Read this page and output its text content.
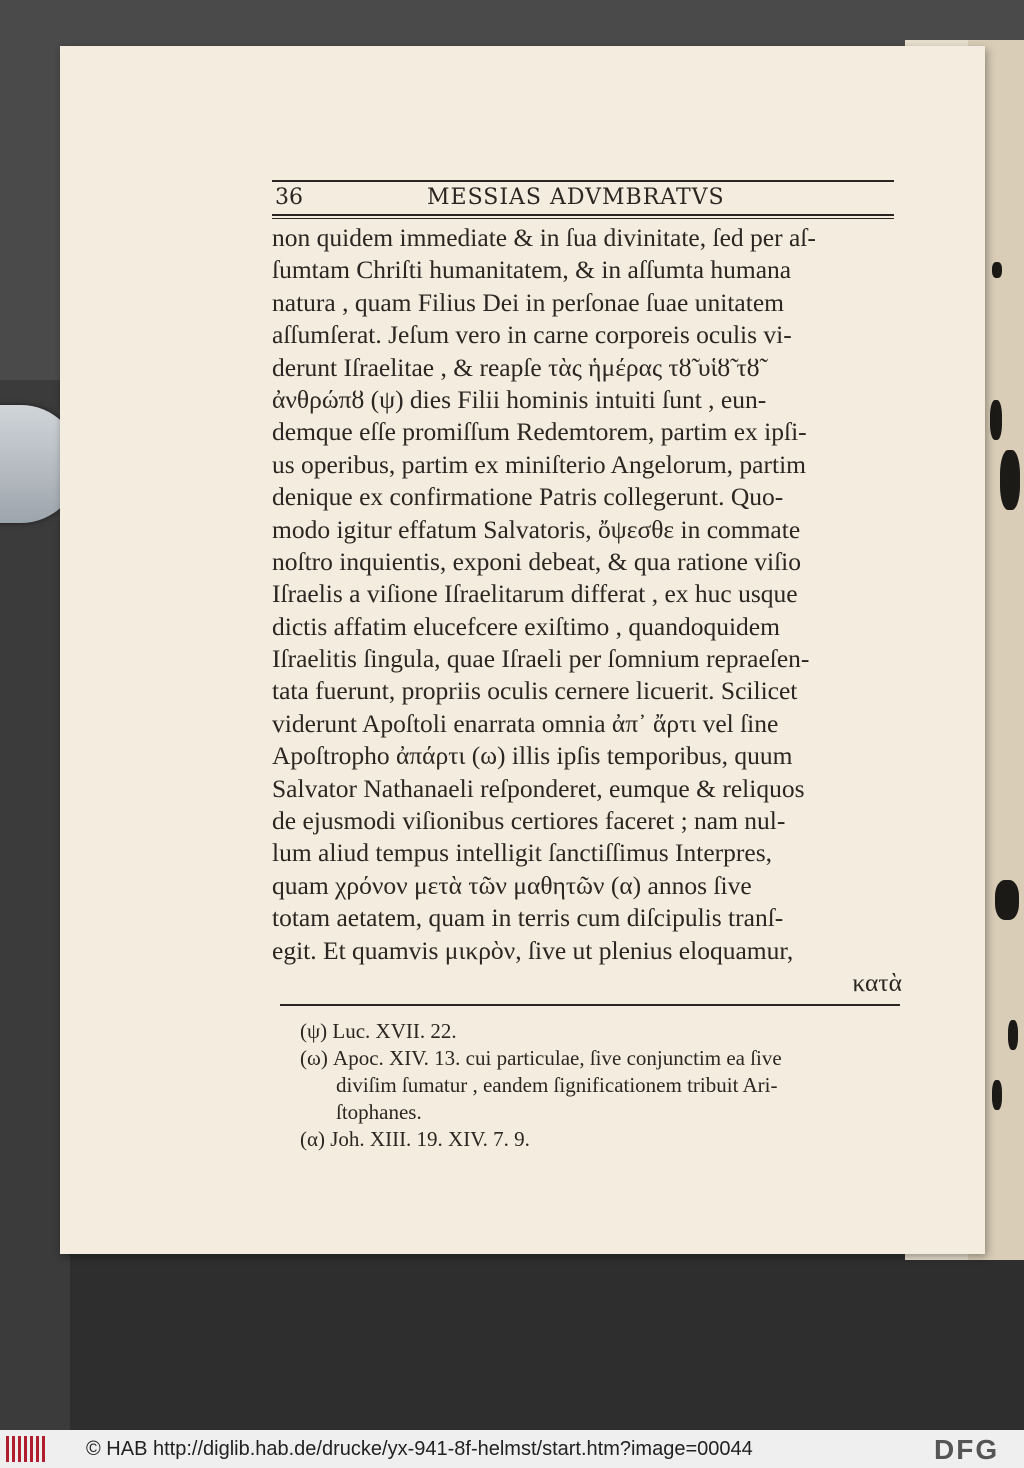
36	MESSIAS ADVMBRATVS
non quidem immediate & in ſua divinitate, ſed per aſ-
ſumtam Chriſti humanitatem, & in aſſumta humana
natura , quam Filius Dei in perſonae ſuae unitatem
aſſumſerat. Jeſum vero in carne corporeis oculis vi-
derunt Iſraelitae , & reapſe τὰς ἡμέρας τȣ̃ υἱȣ̃ τȣ̃
ἀνθρώπȣ (ψ) dies Filii hominis intuiti ſunt , eun-
demque eſſe promiſſum Redemtorem, partim ex ipſi-
us operibus, partim ex miniſterio Angelorum, partim
denique ex confirmatione Patris collegerunt. Quo-
modo igitur effatum Salvatoris, ὄψεσθε in commate
noſtro inquientis, exponi debeat, & qua ratione viſio
Iſraelis a viſione Iſraelitarum differat , ex huc usque
dictis affatim elucefcere exiſtimo , quandoquidem
Iſraelitis ſingula, quae Iſraeli per ſomnium repraeſen-
tata fuerunt, propriis oculis cernere licuerit. Scilicet
viderunt Apoſtoli enarrata omnia ἀπ᾽ ἄρτι vel ſine
Apoſtropho ἀπάρτι (ω) illis ipſis temporibus, quum
Salvator Nathanaeli reſponderet, eumque & reliquos
de ejusmodi viſionibus certiores faceret ; nam nul-
lum aliud tempus intelligit ſanctiſſimus Interpres,
quam χρόνον μετὰ τῶν μαθητῶν (α) annos ſive
totam aetatem, quam in terris cum diſcipulis tranſ-
egit. Et quamvis μικρὸν, ſive ut plenius eloquamur,
κατὰ
(ψ) Luc. XVII. 22.
(ω) Apoc. XIV. 13. cui particulae, ſive conjunctim ea ſive
diviſim ſumatur , eandem ſignificationem tribuit Ari-
ſtophanes.
(α) Joh. XIII. 19. XIV. 7. 9.
© HAB http://diglib.hab.de/drucke/yx-941-8f-helmst/start.htm?image=00044	DFG
